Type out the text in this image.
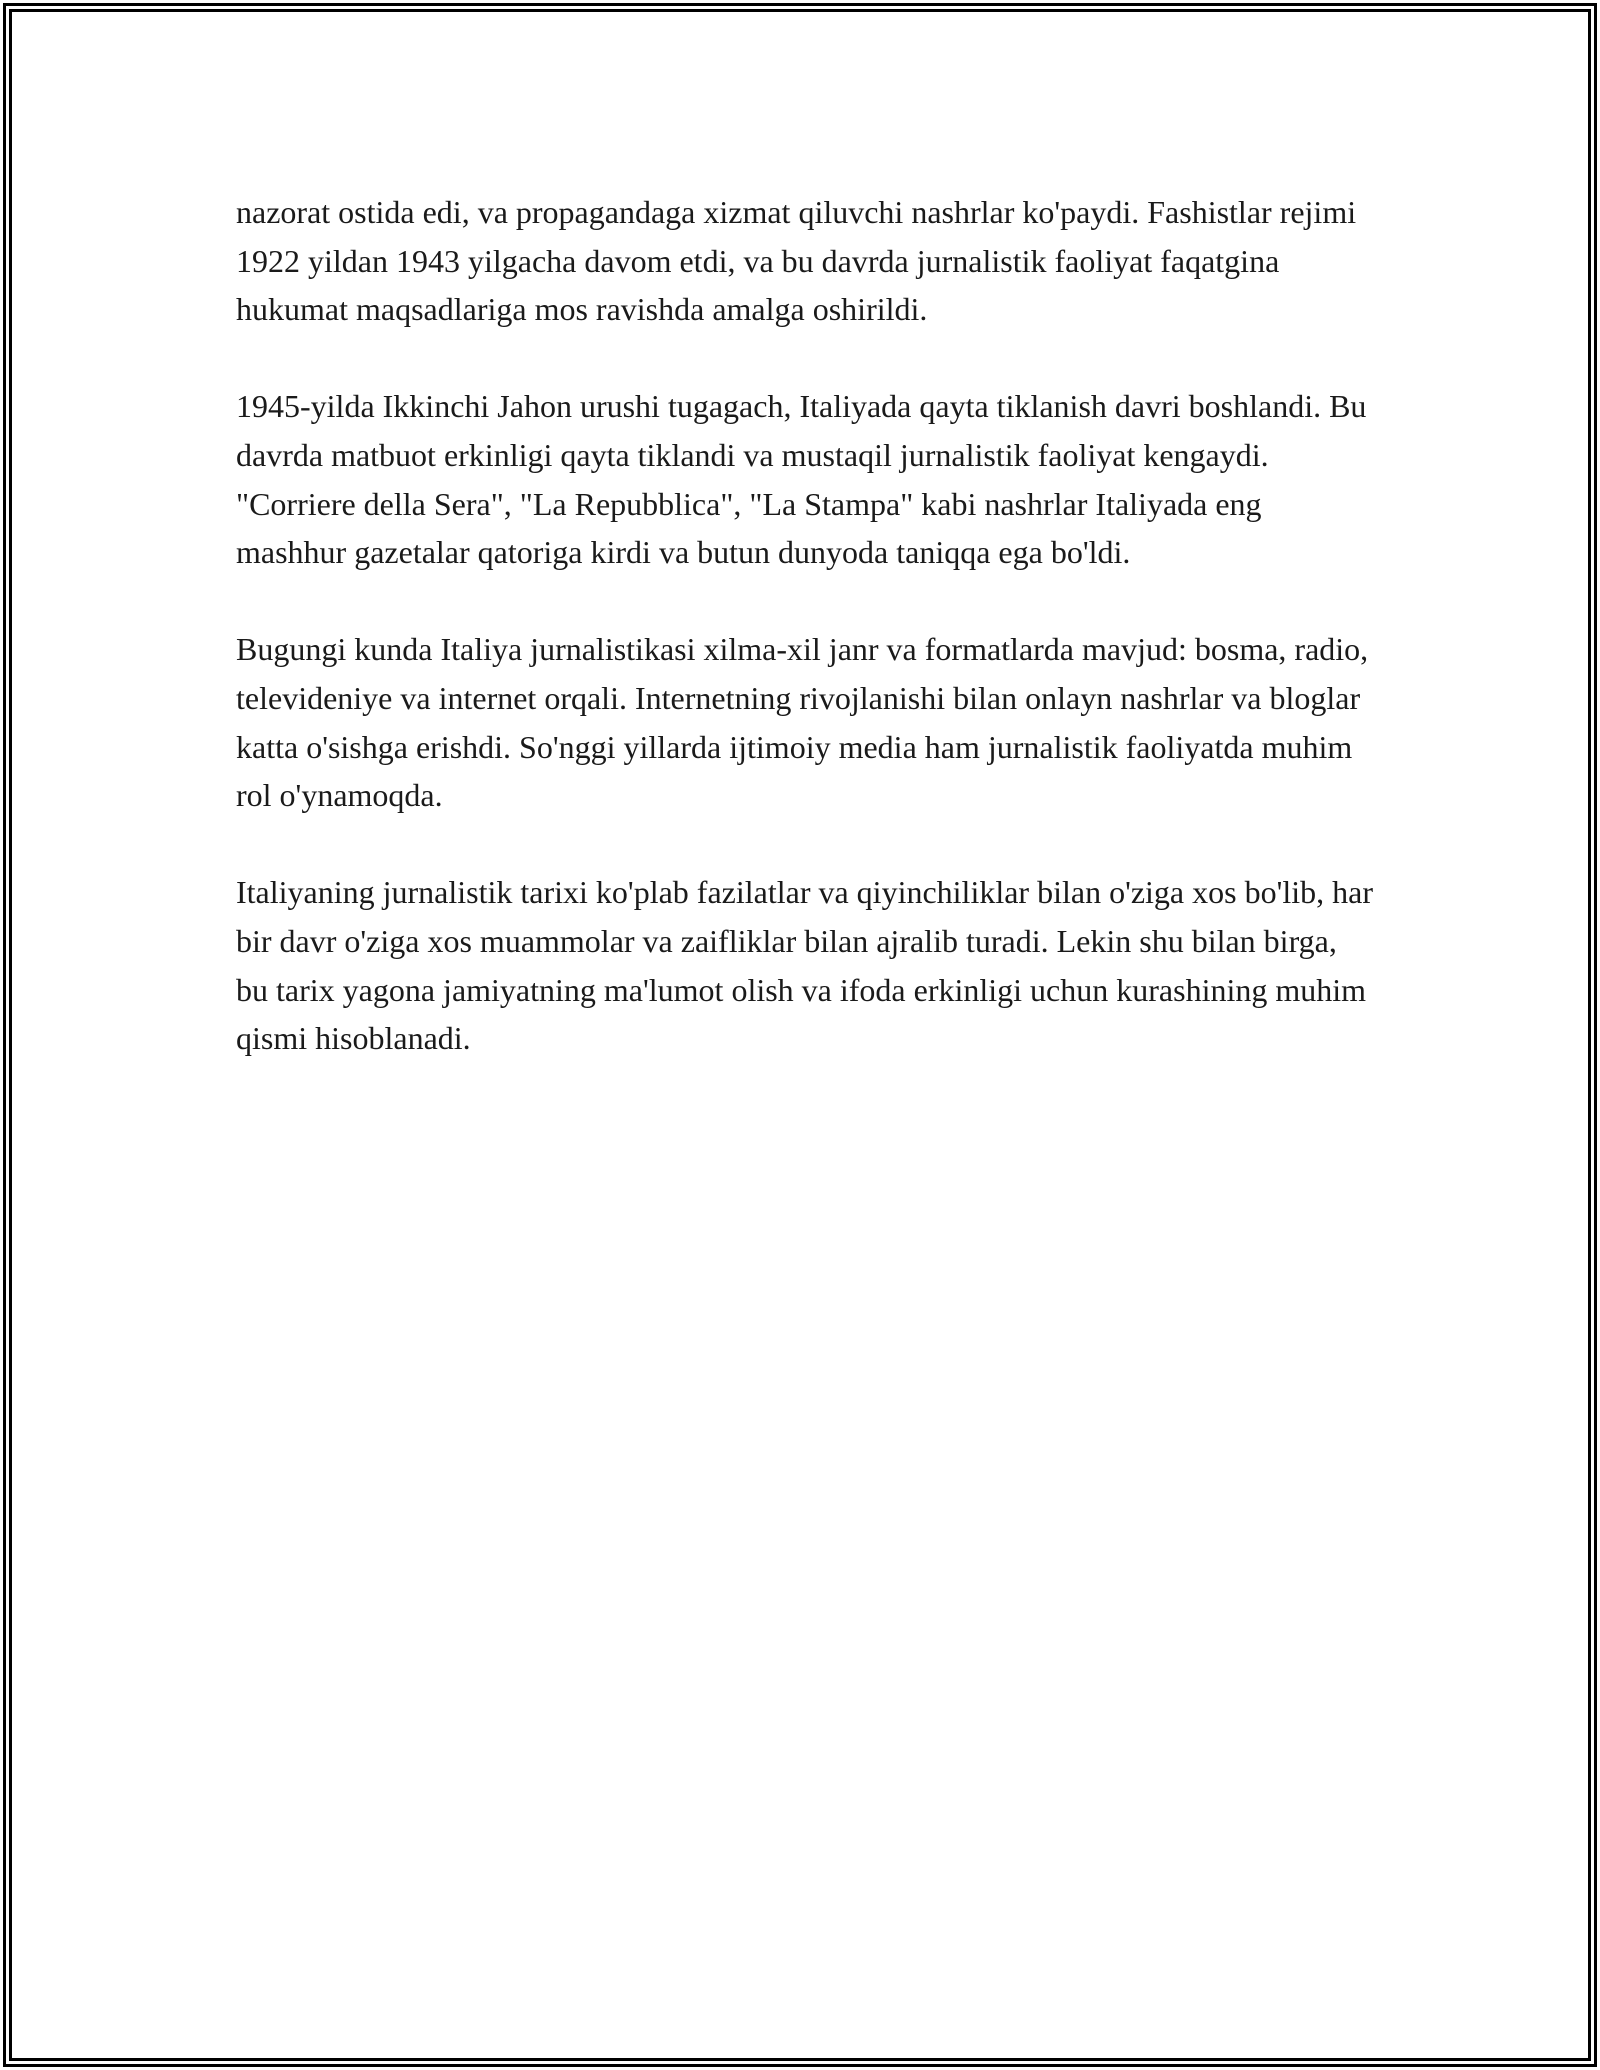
nazorat ostida edi, va propagandaga xizmat qiluvchi nashrlar ko'paydi. Fashistlar rejimi 1922 yildan 1943 yilgacha davom etdi, va bu davrda jurnalistik faoliyat faqatgina hukumat maqsadlariga mos ravishda amalga oshirildi.

1945-yilda Ikkinchi Jahon urushi tugagach, Italiyada qayta tiklanish davri boshlandi. Bu davrda matbuot erkinligi qayta tiklandi va mustaqil jurnalistik faoliyat kengaydi. "Corriere della Sera", "La Repubblica", "La Stampa" kabi nashrlar Italiyada eng mashhur gazetalar qatoriga kirdi va butun dunyoda taniqqa ega bo'ldi.

Bugungi kunda Italiya jurnalistikasi xilma-xil janr va formatlarda mavjud: bosma, radio, televideniye va internet orqali. Internetning rivojlanishi bilan onlayn nashrlar va bloglar katta o'sishga erishdi. So'nggi yillarda ijtimoiy media ham jurnalistik faoliyatda muhim rol o'ynamoqda.

Italiyaning jurnalistik tarixi ko'plab fazilatlar va qiyinchiliklar bilan o'ziga xos bo'lib, har bir davr o'ziga xos muammolar va zaifliklar bilan ajralib turadi. Lekin shu bilan birga, bu tarix yagona jamiyatning ma'lumot olish va ifoda erkinligi uchun kurashining muhim qismi hisoblanadi.
